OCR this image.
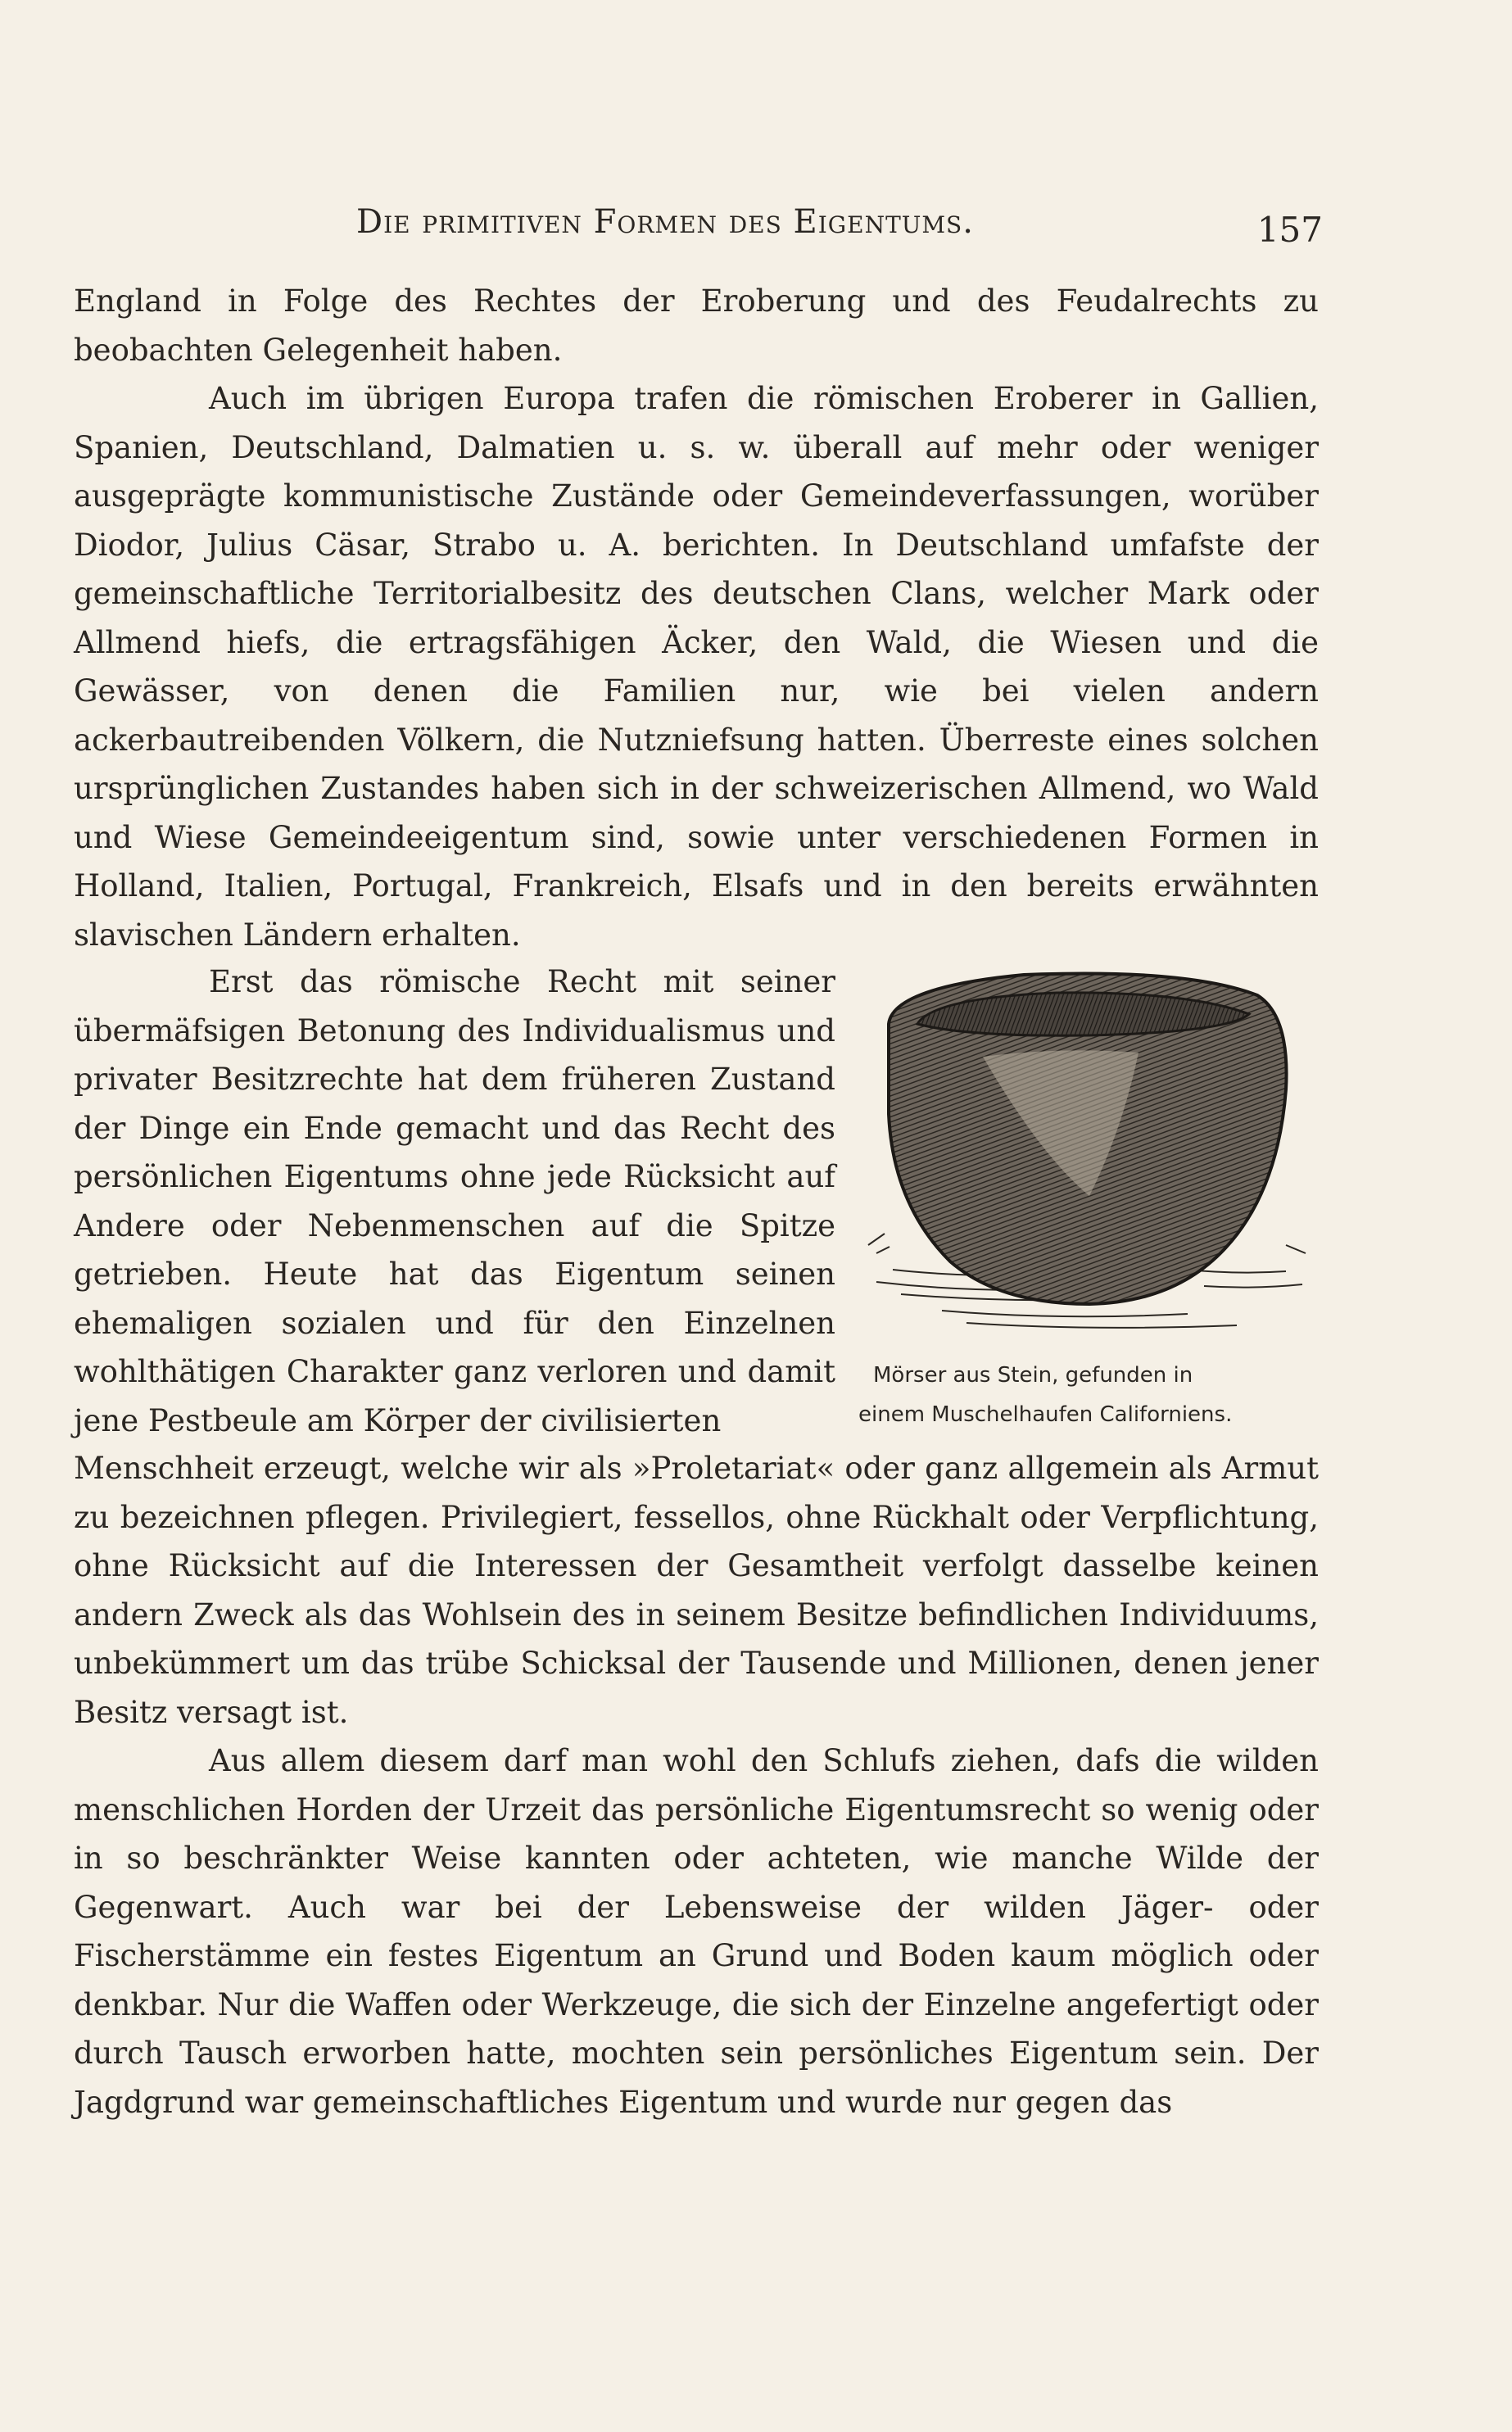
Die primitiven Formen des Eigentums.	157

England in Folge des Rechtes der Eroberung und des Feudalrechts zu beobachten Gelegenheit haben.

Auch im übrigen Europa trafen die römischen Eroberer in Gallien, Spanien, Deutschland, Dalmatien u. s. w. überall auf mehr oder weniger ausgeprägte kommunistische Zustände oder Gemeindeverfassungen, worüber Diodor, Julius Cäsar, Strabo u. A. berichten. In Deutschland umfafste der gemeinschaftliche Territorialbesitz des deutschen Clans, welcher Mark oder Allmend hiefs, die ertragsfähigen Äcker, den Wald, die Wiesen und die Gewässer, von denen die Familien nur, wie bei vielen andern ackerbautreibenden Völkern, die Nutzniefsung hatten. Überreste eines solchen ursprünglichen Zustandes haben sich in der schweizerischen Allmend, wo Wald und Wiese Gemeindeeigentum sind, sowie unter verschiedenen Formen in Holland, Italien, Portugal, Frankreich, Elsafs und in den bereits erwähnten slavischen Ländern erhalten.

Erst das römische Recht mit seiner übermäfsigen Betonung des Individualismus und privater Besitzrechte hat dem früheren Zustand der Dinge ein Ende gemacht und das Recht des persönlichen Eigentums ohne jede Rücksicht auf Andere oder Nebenmenschen auf die Spitze getrieben. Heute hat das Eigentum seinen ehemaligen sozialen und für den Einzelnen wohlthätigen Charakter ganz verloren und damit jene Pestbeule am Körper der civilisierten

Mörser aus Stein, gefunden in
einem Muschelhaufen Californiens.

Menschheit erzeugt, welche wir als »Proletariat« oder ganz allgemein als Armut zu bezeichnen pflegen. Privilegiert, fessellos, ohne Rückhalt oder Verpflichtung, ohne Rücksicht auf die Interessen der Gesamtheit verfolgt dasselbe keinen andern Zweck als das Wohlsein des in seinem Besitze befindlichen Individuums, unbekümmert um das trübe Schicksal der Tausende und Millionen, denen jener Besitz versagt ist.

Aus allem diesem darf man wohl den Schlufs ziehen, dafs die wilden menschlichen Horden der Urzeit das persönliche Eigentumsrecht so wenig oder in so beschränkter Weise kannten oder achteten, wie manche Wilde der Gegenwart. Auch war bei der Lebensweise der wilden Jäger- oder Fischerstämme ein festes Eigentum an Grund und Boden kaum möglich oder denkbar. Nur die Waffen oder Werkzeuge, die sich der Einzelne angefertigt oder durch Tausch erworben hatte, mochten sein persönliches Eigentum sein. Der Jagdgrund war gemeinschaftliches Eigentum und wurde nur gegen das
